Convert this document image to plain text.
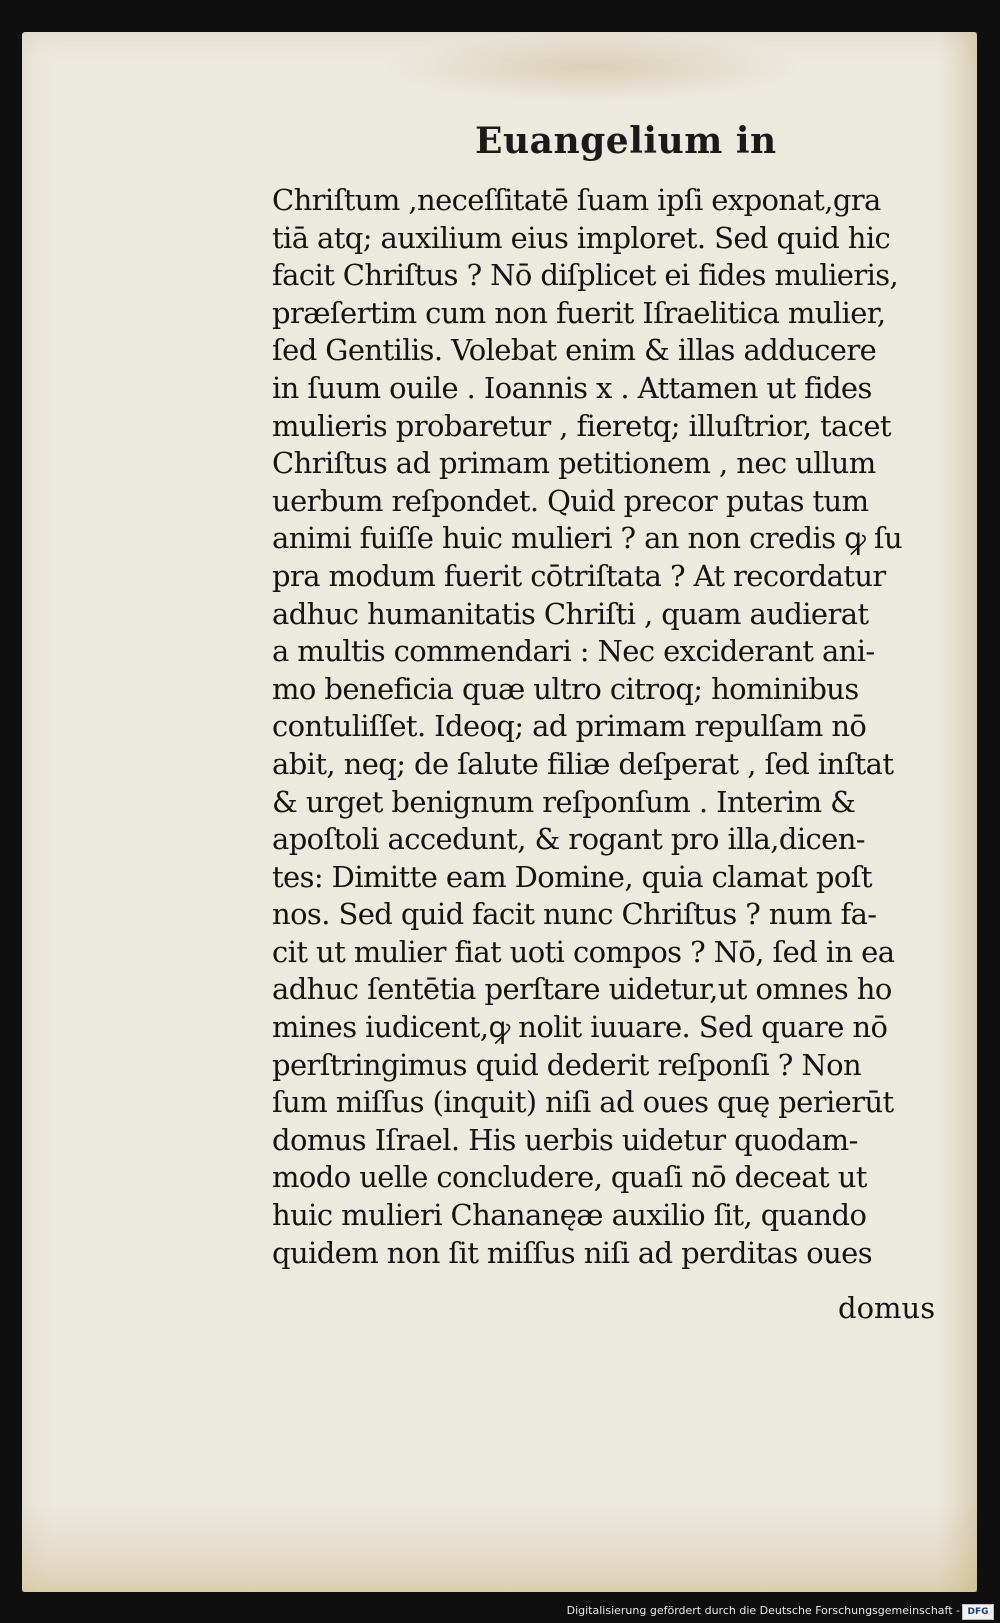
Euangelium in
Chriſtum ,neceſſitatē ſuam ipſi exponat,gra
tiā atq; auxilium eius imploret. Sed quid hic
facit Chriſtus ? Nō diſplicet ei fides mulieris,
præſertim cum non fuerit Iſraelitica mulier,
ſed Gentilis. Volebat enim & illas adducere
in ſuum ouile . Ioannis x . Attamen ut fides
mulieris probaretur , fieretq; illuſtrior, tacet
Chriſtus ad primam petitionem , nec ullum
uerbum reſpondet. Quid precor putas tum
animi fuiſſe huic mulieri ? an non credis ꝙ ſu
pra modum fuerit cōtriſtata ? At recordatur
adhuc humanitatis Chriſti , quam audierat
a multis commendari : Nec exciderant ani-
mo beneficia quæ ultro citroq; hominibus
contuliſſet. Ideoq; ad primam repulſam nō
abit, neq; de ſalute filiæ deſperat , ſed inſtat
& urget benignum reſponſum . Interim &
apoſtoli accedunt, & rogant pro illa,dicen-
tes: Dimitte eam Domine, quia clamat poſt
nos. Sed quid facit nunc Chriſtus ? num fa-
cit ut mulier fiat uoti compos ? Nō, ſed in ea
adhuc ſentētia perſtare uidetur,ut omnes ho
mines iudicent,ꝙ nolit iuuare. Sed quare nō
perſtringimus quid dederit reſponſi ? Non
ſum miſſus (inquit) niſi ad oues quę perierūt
domus Iſrael. His uerbis uidetur quodam-
modo uelle concludere, quaſi nō deceat ut
huic mulieri Chananęæ auxilio ſit, quando
quidem non ſit miſſus niſi ad perditas oues
domus
Digitalisierung gefördert durch die Deutsche Forschungsgemeinschaft - DFG
